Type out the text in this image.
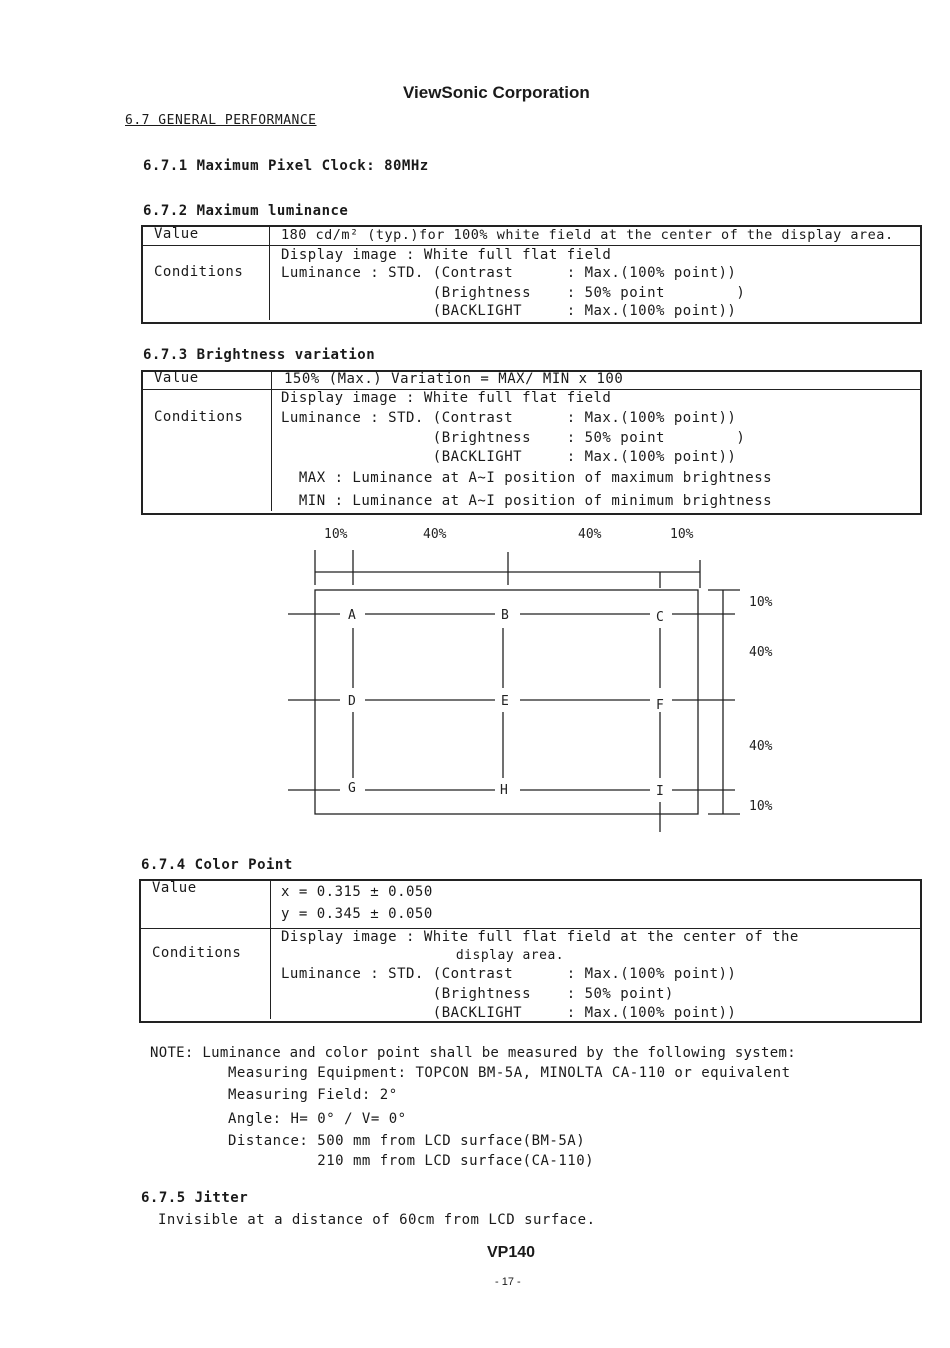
ViewSonic Corporation
6.7 GENERAL PERFORMANCE
6.7.1 Maximum Pixel Clock: 80MHz
6.7.2 Maximum luminance
Value	180 cd/m² (typ.)for 100% white field at the center of the display area.
Conditions
Display image : White full flat field
Luminance : STD. (Contrast      : Max.(100% point))
(Brightness    : 50% point        )
(BACKLIGHT     : Max.(100% point))
6.7.3 Brightness variation
Value	150% (Max.) Variation = MAX/ MIN x 100
Conditions
Display image : White full flat field
Luminance : STD. (Contrast      : Max.(100% point))
(Brightness    : 50% point        )
(BACKLIGHT     : Max.(100% point))
MAX : Luminance at A~I position of maximum brightness
MIN : Luminance at A~I position of minimum brightness
10%	40%	40%	10%
10%
40%
40%
10%
A	B	C
D	E	F
G	H	I
6.7.4 Color Point
Value	x = 0.315 ± 0.050
y = 0.345 ± 0.050
Conditions
Display image : White full flat field at the center of the
display area.
Luminance : STD. (Contrast      : Max.(100% point))
(Brightness    : 50% point)
(BACKLIGHT     : Max.(100% point))
NOTE: Luminance and color point shall be measured by the following system:
Measuring Equipment: TOPCON BM-5A, MINOLTA CA-110 or equivalent
Measuring Field: 2°
Angle: H= 0° / V= 0°
Distance: 500 mm from LCD surface(BM-5A)
210 mm from LCD surface(CA-110)
6.7.5 Jitter
Invisible at a distance of 60cm from LCD surface.
VP140
- 17 -
